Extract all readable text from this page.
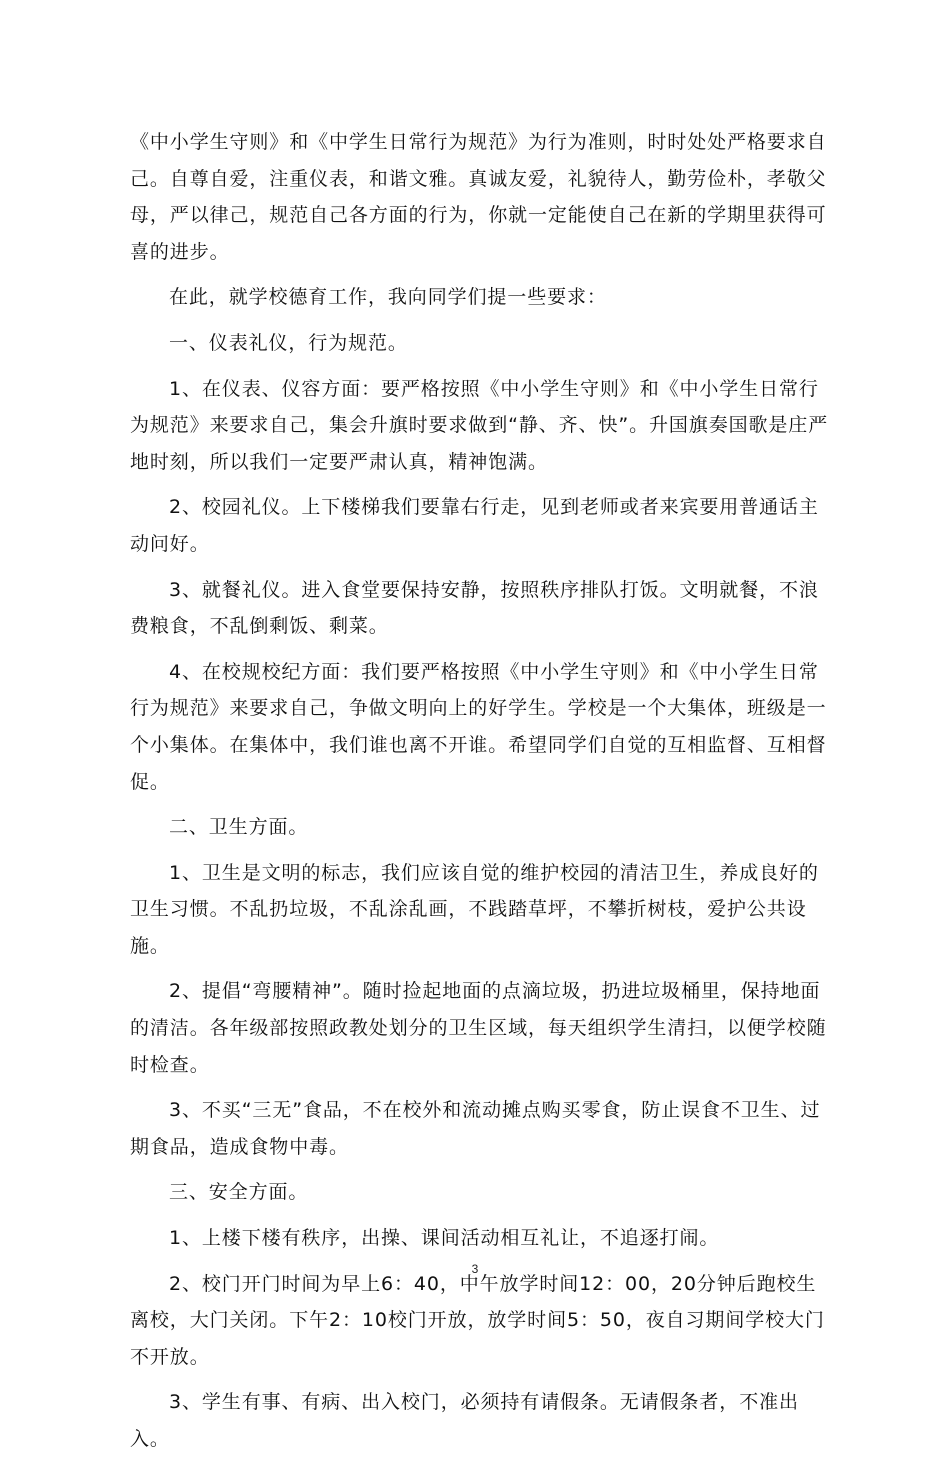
《中小学生守则》和《中学生日常行为规范》为行为准则，时时处处严格要求自己。自尊自爱，注重仪表，和谐文雅。真诚友爱，礼貌待人，勤劳俭朴，孝敬父母，严以律己，规范自己各方面的行为，你就一定能使自己在新的学期里获得可喜的进步。

在此，就学校德育工作，我向同学们提一些要求：

一、仪表礼仪，行为规范。

1、在仪表、仪容方面：要严格按照《中小学生守则》和《中小学生日常行为规范》来要求自己，集会升旗时要求做到“静、齐、快”。升国旗奏国歌是庄严地时刻，所以我们一定要严肃认真，精神饱满。

2、校园礼仪。上下楼梯我们要靠右行走，见到老师或者来宾要用普通话主动问好。

3、就餐礼仪。进入食堂要保持安静，按照秩序排队打饭。文明就餐，不浪费粮食，不乱倒剩饭、剩菜。

4、在校规校纪方面：我们要严格按照《中小学生守则》和《中小学生日常行为规范》来要求自己，争做文明向上的好学生。学校是一个大集体，班级是一个小集体。在集体中，我们谁也离不开谁。希望同学们自觉的互相监督、互相督促。

二、卫生方面。

1、卫生是文明的标志，我们应该自觉的维护校园的清洁卫生，养成良好的卫生习惯。不乱扔垃圾，不乱涂乱画，不践踏草坪，不攀折树枝，爱护公共设施。

2、提倡“弯腰精神”。随时捡起地面的点滴垃圾，扔进垃圾桶里，保持地面的清洁。各年级部按照政教处划分的卫生区域，每天组织学生清扫，以便学校随时检查。

3、不买“三无”食品，不在校外和流动摊点购买零食，防止误食不卫生、过期食品，造成食物中毒。

三、安全方面。

1、上楼下楼有秩序，出操、课间活动相互礼让，不追逐打闹。

2、校门开门时间为早上6：40，中午放学时间12：00，20分钟后跑校生离校，大门关闭。下午2：10校门开放，放学时间5：50，夜自习期间学校大门不开放。

3、学生有事、有病、出入校门，必须持有请假条。无请假条者，不准出入。

3
